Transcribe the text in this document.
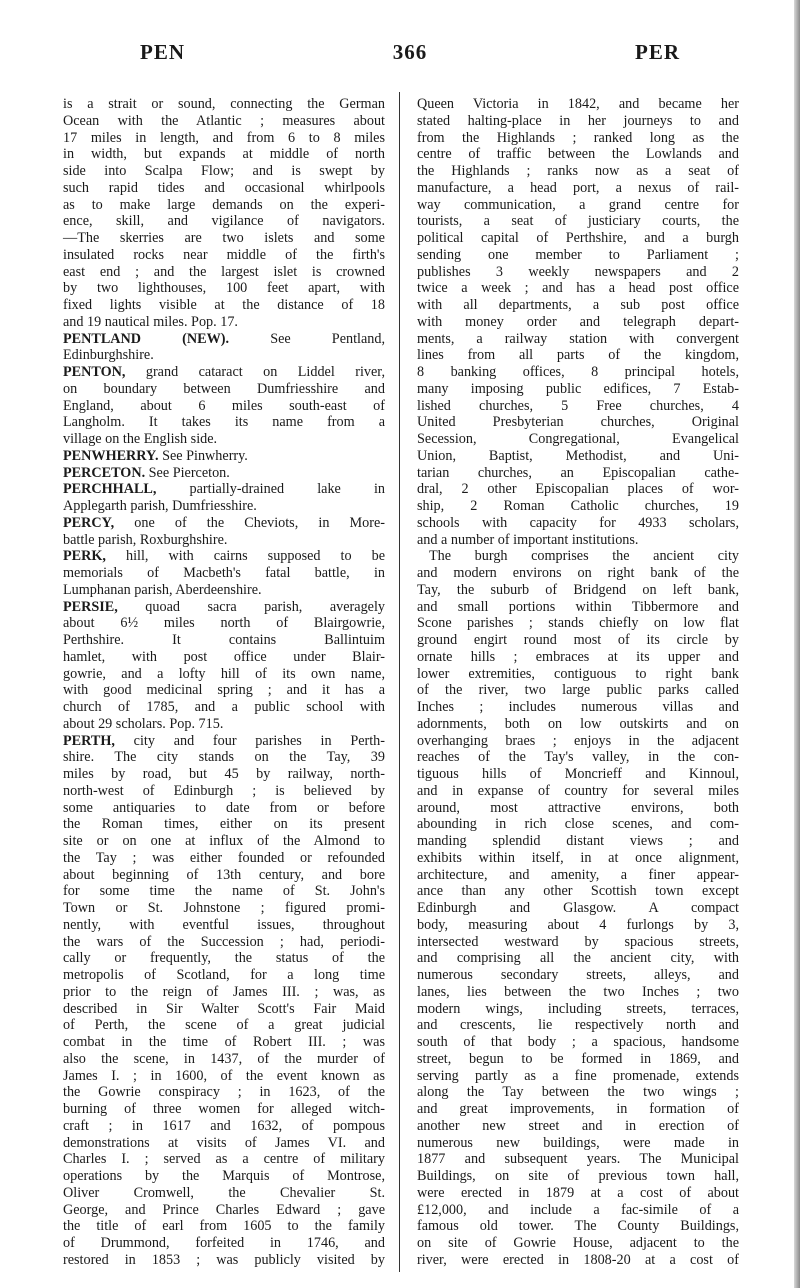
PEN	366	PER
is a strait or sound, connecting the German
Ocean with the Atlantic ; measures about
17 miles in length, and from 6 to 8 miles
in width, but expands at middle of north
side into Scalpa Flow; and is swept by
such rapid tides and occasional whirlpools
as to make large demands on the experi-
ence, skill, and vigilance of navigators.
—The skerries are two islets and some
insulated rocks near middle of the firth's
east end ; and the largest islet is crowned
by two lighthouses, 100 feet apart, with
fixed lights visible at the distance of 18
and 19 nautical miles. Pop. 17.
PENTLAND (NEW). See Pentland,
Edinburghshire.
PENTON, grand cataract on Liddel river,
on boundary between Dumfriesshire and
England, about 6 miles south-east of
Langholm. It takes its name from a
village on the English side.
PENWHERRY. See Pinwherry.
PERCETON. See Pierceton.
PERCHHALL, partially-drained lake in
Applegarth parish, Dumfriesshire.
PERCY, one of the Cheviots, in More-
battle parish, Roxburghshire.
PERK, hill, with cairns supposed to be
memorials of Macbeth's fatal battle, in
Lumphanan parish, Aberdeenshire.
PERSIE, quoad sacra parish, averagely
about 6½ miles north of Blairgowrie,
Perthshire. It contains Ballintuim
hamlet, with post office under Blair-
gowrie, and a lofty hill of its own name,
with good medicinal spring ; and it has a
church of 1785, and a public school with
about 29 scholars. Pop. 715.
PERTH, city and four parishes in Perth-
shire. The city stands on the Tay, 39
miles by road, but 45 by railway, north-
north-west of Edinburgh ; is believed by
some antiquaries to date from or before
the Roman times, either on its present
site or on one at influx of the Almond to
the Tay ; was either founded or refounded
about beginning of 13th century, and bore
for some time the name of St. John's
Town or St. Johnstone ; figured promi-
nently, with eventful issues, throughout
the wars of the Succession ; had, periodi-
cally or frequently, the status of the
metropolis of Scotland, for a long time
prior to the reign of James III. ; was, as
described in Sir Walter Scott's Fair Maid
of Perth, the scene of a great judicial
combat in the time of Robert III. ; was
also the scene, in 1437, of the murder of
James I. ; in 1600, of the event known as
the Gowrie conspiracy ; in 1623, of the
burning of three women for alleged witch-
craft ; in 1617 and 1632, of pompous
demonstrations at visits of James VI. and
Charles I. ; served as a centre of military
operations by the Marquis of Montrose,
Oliver Cromwell, the Chevalier St.
George, and Prince Charles Edward ; gave
the title of earl from 1605 to the family
of Drummond, forfeited in 1746, and
restored in 1853 ; was publicly visited by
Queen Victoria in 1842, and became her
stated halting-place in her journeys to and
from the Highlands ; ranked long as the
centre of traffic between the Lowlands and
the Highlands ; ranks now as a seat of
manufacture, a head port, a nexus of rail-
way communication, a grand centre for
tourists, a seat of justiciary courts, the
political capital of Perthshire, and a burgh
sending one member to Parliament ;
publishes 3 weekly newspapers and 2
twice a week ; and has a head post office
with all departments, a sub post office
with money order and telegraph depart-
ments, a railway station with convergent
lines from all parts of the kingdom,
8 banking offices, 8 principal hotels,
many imposing public edifices, 7 Estab-
lished churches, 5 Free churches, 4
United Presbyterian churches, Original
Secession, Congregational, Evangelical
Union, Baptist, Methodist, and Uni-
tarian churches, an Episcopalian cathe-
dral, 2 other Episcopalian places of wor-
ship, 2 Roman Catholic churches, 19
schools with capacity for 4933 scholars,
and a number of important institutions.
The burgh comprises the ancient city
and modern environs on right bank of the
Tay, the suburb of Bridgend on left bank,
and small portions within Tibbermore and
Scone parishes ; stands chiefly on low flat
ground engirt round most of its circle by
ornate hills ; embraces at its upper and
lower extremities, contiguous to right bank
of the river, two large public parks called
Inches ; includes numerous villas and
adornments, both on low outskirts and on
overhanging braes ; enjoys in the adjacent
reaches of the Tay's valley, in the con-
tiguous hills of Moncrieff and Kinnoul,
and in expanse of country for several miles
around, most attractive environs, both
abounding in rich close scenes, and com-
manding splendid distant views ; and
exhibits within itself, in at once alignment,
architecture, and amenity, a finer appear-
ance than any other Scottish town except
Edinburgh and Glasgow. A compact
body, measuring about 4 furlongs by 3,
intersected westward by spacious streets,
and comprising all the ancient city, with
numerous secondary streets, alleys, and
lanes, lies between the two Inches ; two
modern wings, including streets, terraces,
and crescents, lie respectively north and
south of that body ; a spacious, handsome
street, begun to be formed in 1869, and
serving partly as a fine promenade, extends
along the Tay between the two wings ;
and great improvements, in formation of
another new street and in erection of
numerous new buildings, were made in
1877 and subsequent years. The Municipal
Buildings, on site of previous town hall,
were erected in 1879 at a cost of about
£12,000, and include a fac-simile of a
famous old tower. The County Buildings,
on site of Gowrie House, adjacent to the
river, were erected in 1808-20 at a cost of
